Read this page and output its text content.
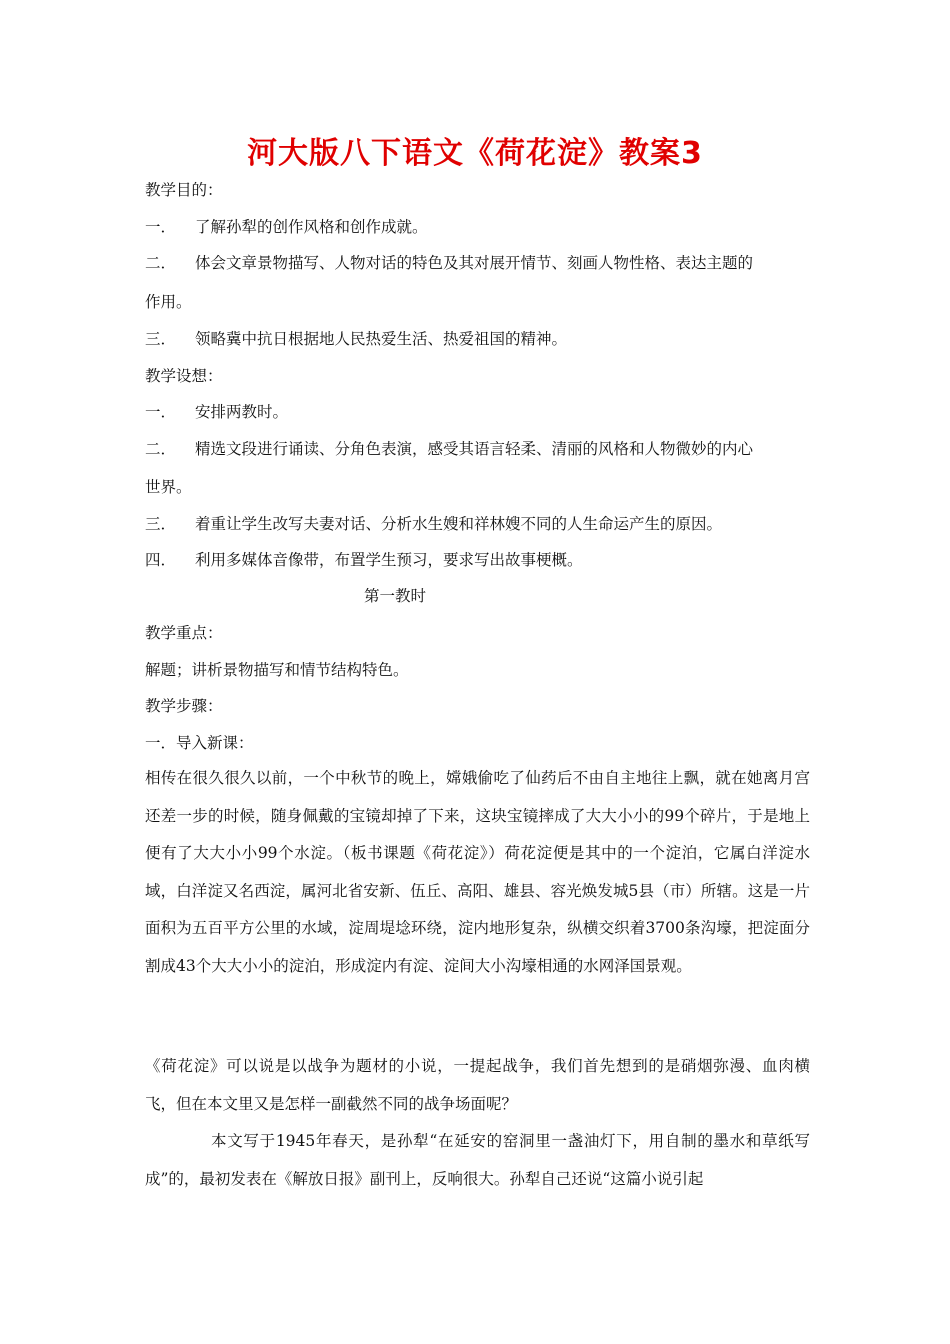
河大版八下语文《荷花淀》教案3
教学目的：
一． 了解孙犁的创作风格和创作成就。
二． 体会文章景物描写、人物对话的特色及其对展开情节、刻画人物性格、表达主题的
作用。
三． 领略冀中抗日根据地人民热爱生活、热爱祖国的精神。
教学设想：
一． 安排两教时。
二． 精选文段进行诵读、分角色表演，感受其语言轻柔、清丽的风格和人物微妙的内心
世界。
三． 着重让学生改写夫妻对话、分析水生嫂和祥林嫂不同的人生命运产生的原因。
四． 利用多媒体音像带，布置学生预习，要求写出故事梗概。
第一教时
教学重点：
解题；讲析景物描写和情节结构特色。
教学步骤：
一．导入新课：
相传在很久很久以前，一个中秋节的晚上，嫦娥偷吃了仙药后不由自主地往上飘，就在她离月宫还差一步的时候，随身佩戴的宝镜却掉了下来，这块宝镜摔成了大大小小的99个碎片，于是地上便有了大大小小99个水淀。（板书课题《荷花淀》）荷花淀便是其中的一个淀泊，它属白洋淀水域，白洋淀又名西淀，属河北省安新、伍丘、高阳、雄县、容光焕发城5县（市）所辖。这是一片面积为五百平方公里的水域，淀周堤埝环绕，淀内地形复杂，纵横交织着3700条沟壕，把淀面分割成43个大大小小的淀泊，形成淀内有淀、淀间大小沟壕相通的水网泽国景观。
《荷花淀》可以说是以战争为题材的小说，一提起战争，我们首先想到的是硝烟弥漫、血肉横飞，但在本文里又是怎样一副截然不同的战争场面呢？
本文写于1945年春天，是孙犁“在延安的窑洞里一盏油灯下，用自制的墨水和草纸写成”的，最初发表在《解放日报》副刊上，反响很大。孙犁自己还说“这篇小说引起
